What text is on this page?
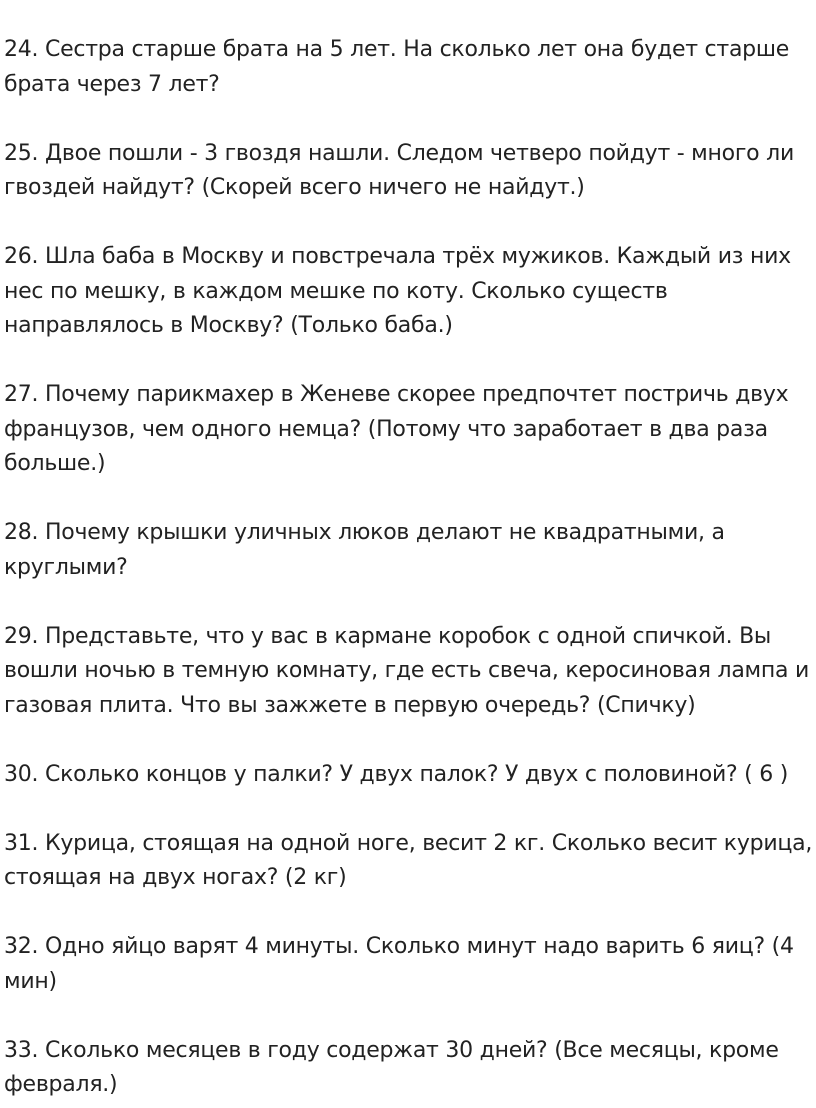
24. Сестра старше брата на 5 лет. На сколько лет она будет старше
брата через 7 лет?
25. Двое пошли - 3 гвоздя нашли. Следом четверо пойдут - много ли
гвоздей найдут? (Скорей всего ничего не найдут.)
26. Шла баба в Москву и повстречала трёх мужиков. Каждый из них
нес по мешку, в каждом мешке по коту. Сколько существ
направлялось в Москву? (Только баба.)
27. Почему парикмахер в Женеве скорее предпочтет постричь двух
французов, чем одного немца? (Потому что заработает в два раза
больше.)
28. Почему крышки уличных люков делают не квадратными, а
круглыми?
29. Представьте, что у вас в кармане коробок с одной спичкой. Вы
вошли ночью в темную комнату, где есть свеча, керосиновая лампа и
газовая плита. Что вы зажжете в первую очередь? (Спичку)
30. Сколько концов у палки? У двух палок? У двух с половиной? ( 6 )
31. Курица, стоящая на одной ноге, весит 2 кг. Сколько весит курица,
стоящая на двух ногах? (2 кг)
32. Одно яйцо варят 4 минуты. Сколько минут надо варить 6 яиц? (4
мин)
33. Сколько месяцев в году содержат 30 дней? (Все месяцы, кроме
февраля.)
